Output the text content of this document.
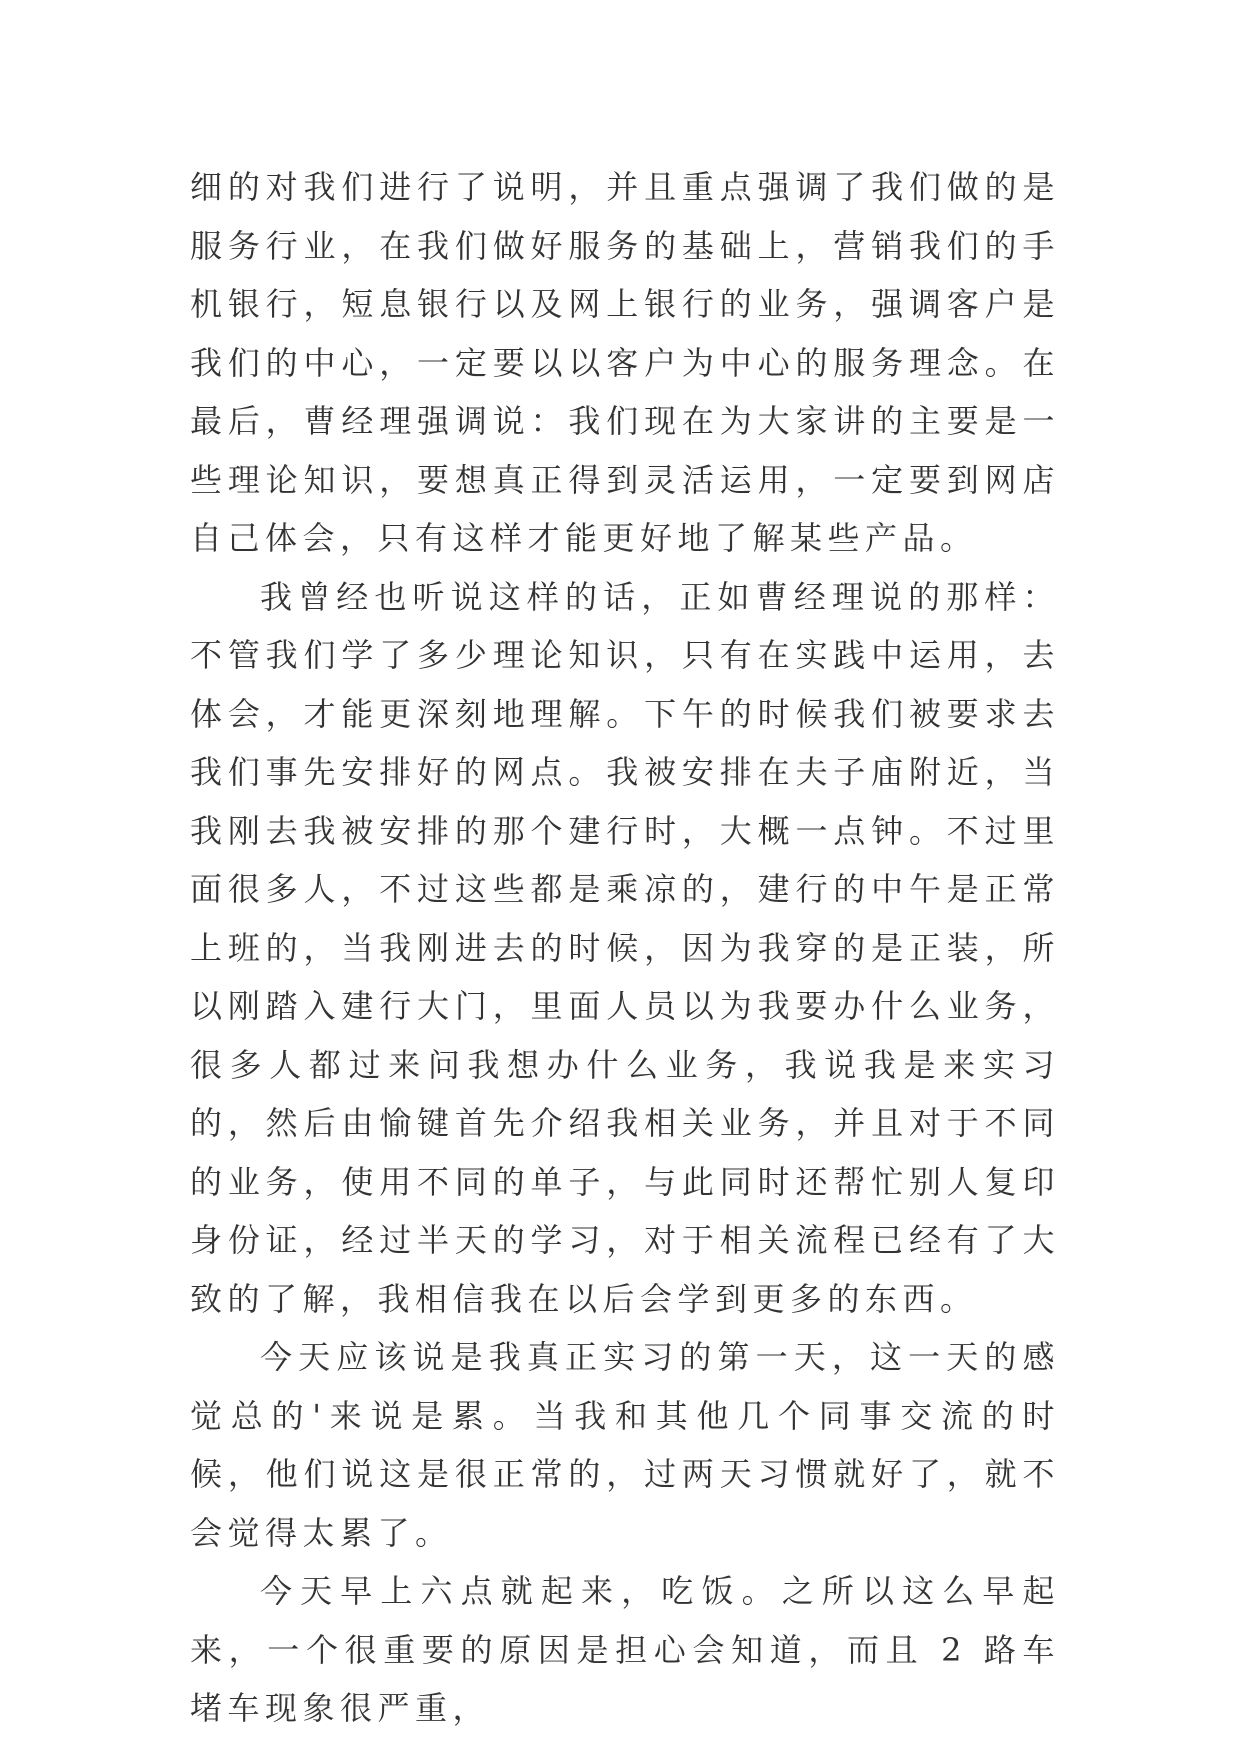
细的对我们进行了说明，并且重点强调了我们做的是服务行业，在我们做好服务的基础上，营销我们的手机银行，短息银行以及网上银行的业务，强调客户是我们的中心，一定要以以客户为中心的服务理念。在最后，曹经理强调说：我们现在为大家讲的主要是一些理论知识，要想真正得到灵活运用，一定要到网店自己体会，只有这样才能更好地了解某些产品。

我曾经也听说这样的话，正如曹经理说的那样：不管我们学了多少理论知识，只有在实践中运用，去体会，才能更深刻地理解。下午的时候我们被要求去我们事先安排好的网点。我被安排在夫子庙附近，当我刚去我被安排的那个建行时，大概一点钟。不过里面很多人，不过这些都是乘凉的，建行的中午是正常上班的，当我刚进去的时候，因为我穿的是正装，所以刚踏入建行大门，里面人员以为我要办什么业务，很多人都过来问我想办什么业务，我说我是来实习的，然后由愉键首先介绍我相关业务，并且对于不同的业务，使用不同的单子，与此同时还帮忙别人复印身份证，经过半天的学习，对于相关流程已经有了大致的了解，我相信我在以后会学到更多的东西。

今天应该说是我真正实习的第一天，这一天的感觉总的'来说是累。当我和其他几个同事交流的时候，他们说这是很正常的，过两天习惯就好了，就不会觉得太累了。

今天早上六点就起来，吃饭。之所以这么早起来，一个很重要的原因是担心会知道，而且 2 路车堵车现象很严重，
